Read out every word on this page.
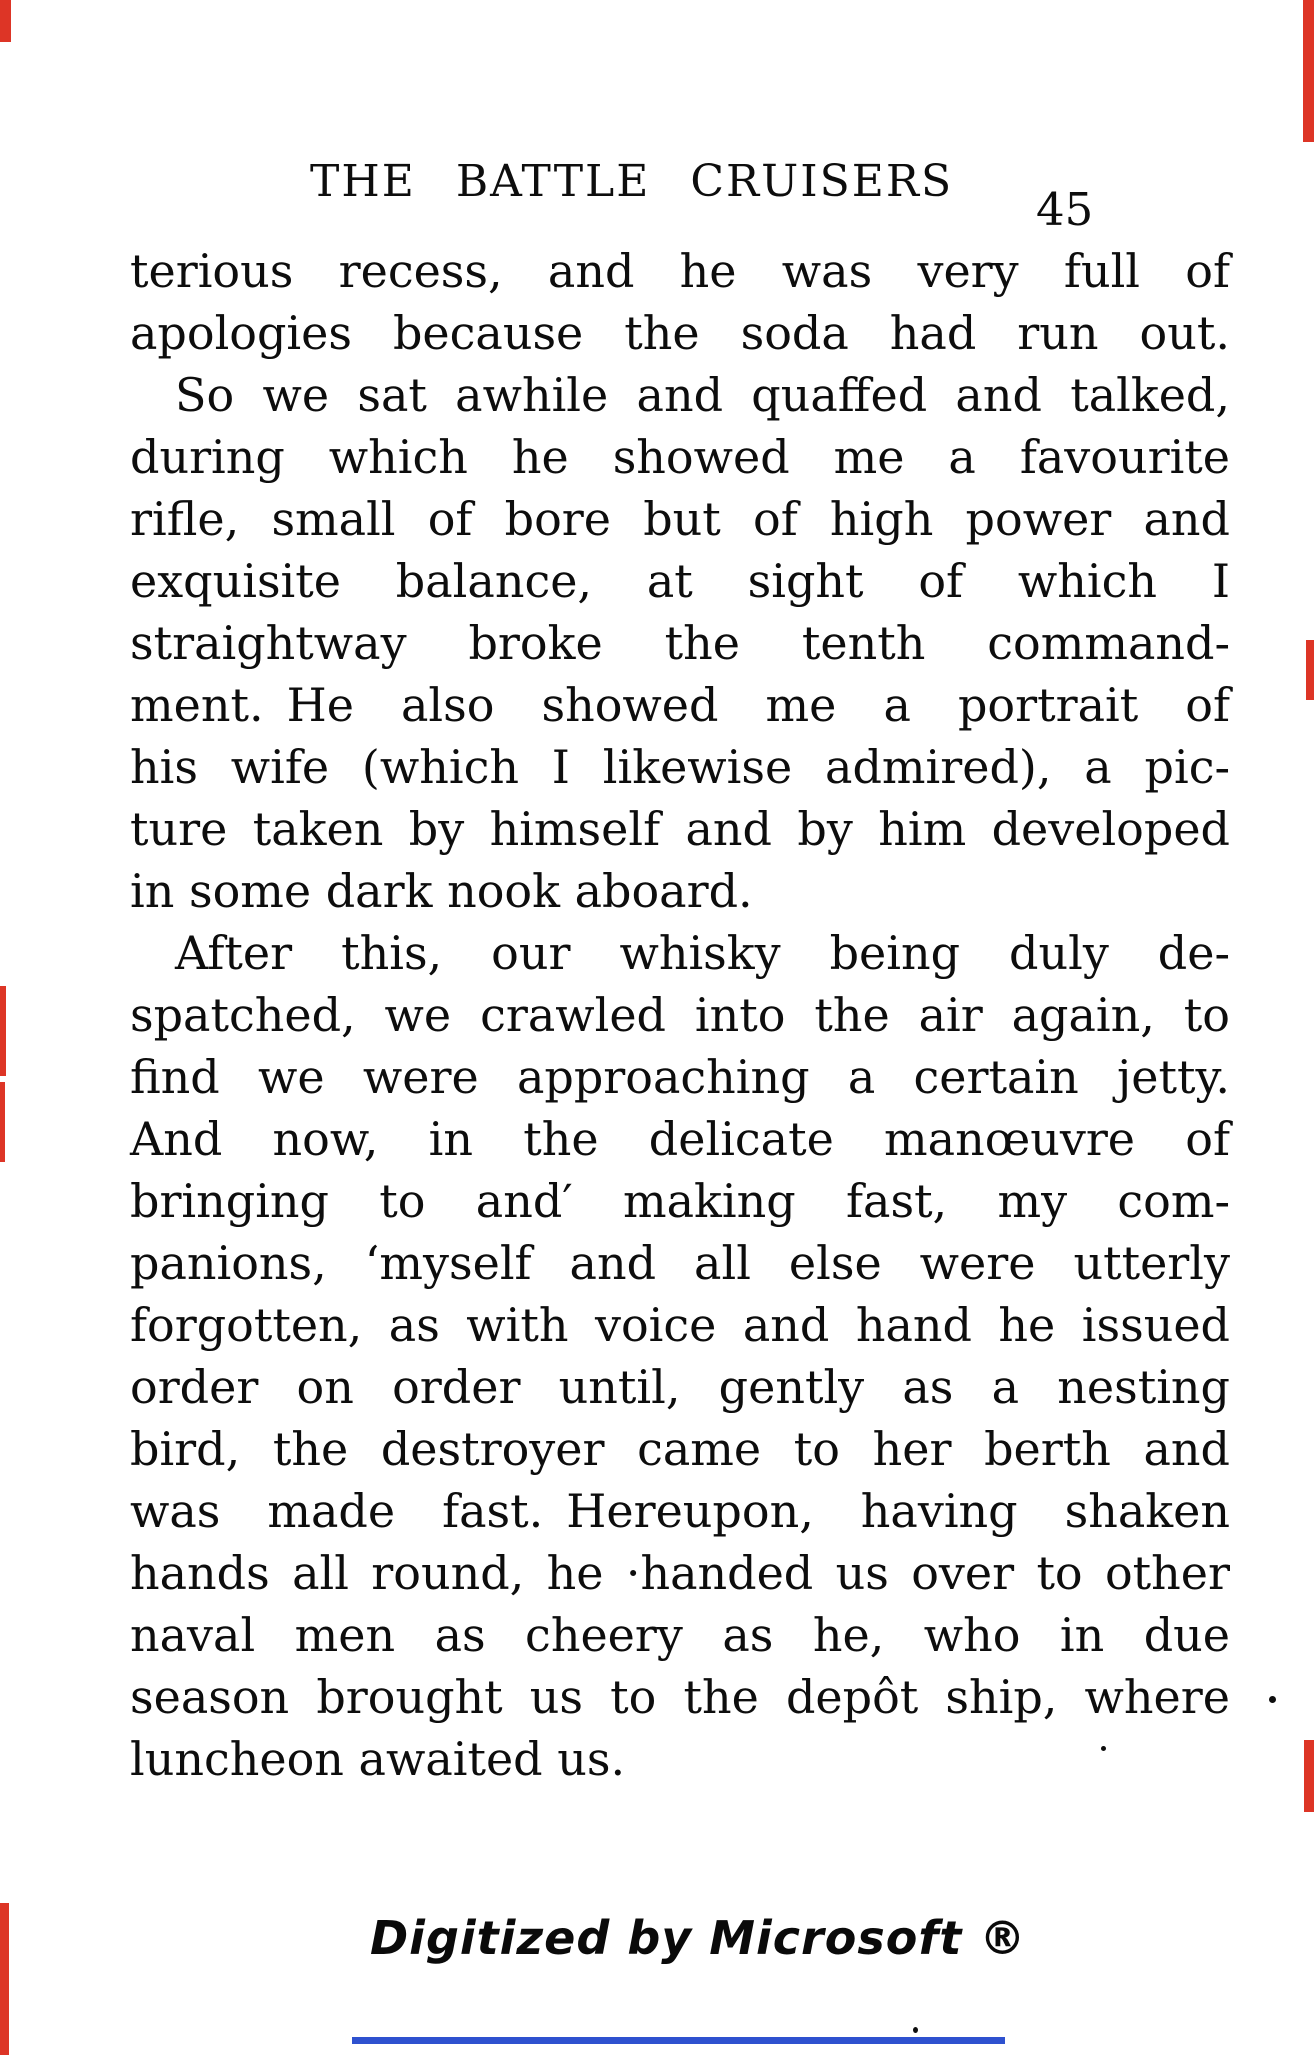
THE BATTLE CRUISERS
45
terious recess, and he was very full of
apologies because the soda had run out.
So we sat awhile and quaffed and talked,
during which he showed me a favourite
rifle, small of bore but of high power and
exquisite balance, at sight of which I
straightway broke the tenth command-
ment. He also showed me a portrait of
his wife (which I likewise admired), a pic-
ture taken by himself and by him developed
in some dark nook aboard.
After this, our whisky being duly de-
spatched, we crawled into the air again, to
find we were approaching a certain jetty.
And now, in the delicate manœuvre of
bringing to and′ making fast, my com-
panions, ʻmyself and all else were utterly
forgotten, as with voice and hand he issued
order on order until, gently as a nesting
bird, the destroyer came to her berth and
was made fast. Hereupon, having shaken
hands all round, he ·handed us over to other
naval men as cheery as he, who in due
season brought us to the depôt ship, where
luncheon awaited us.
Digitized by Microsoft ®
